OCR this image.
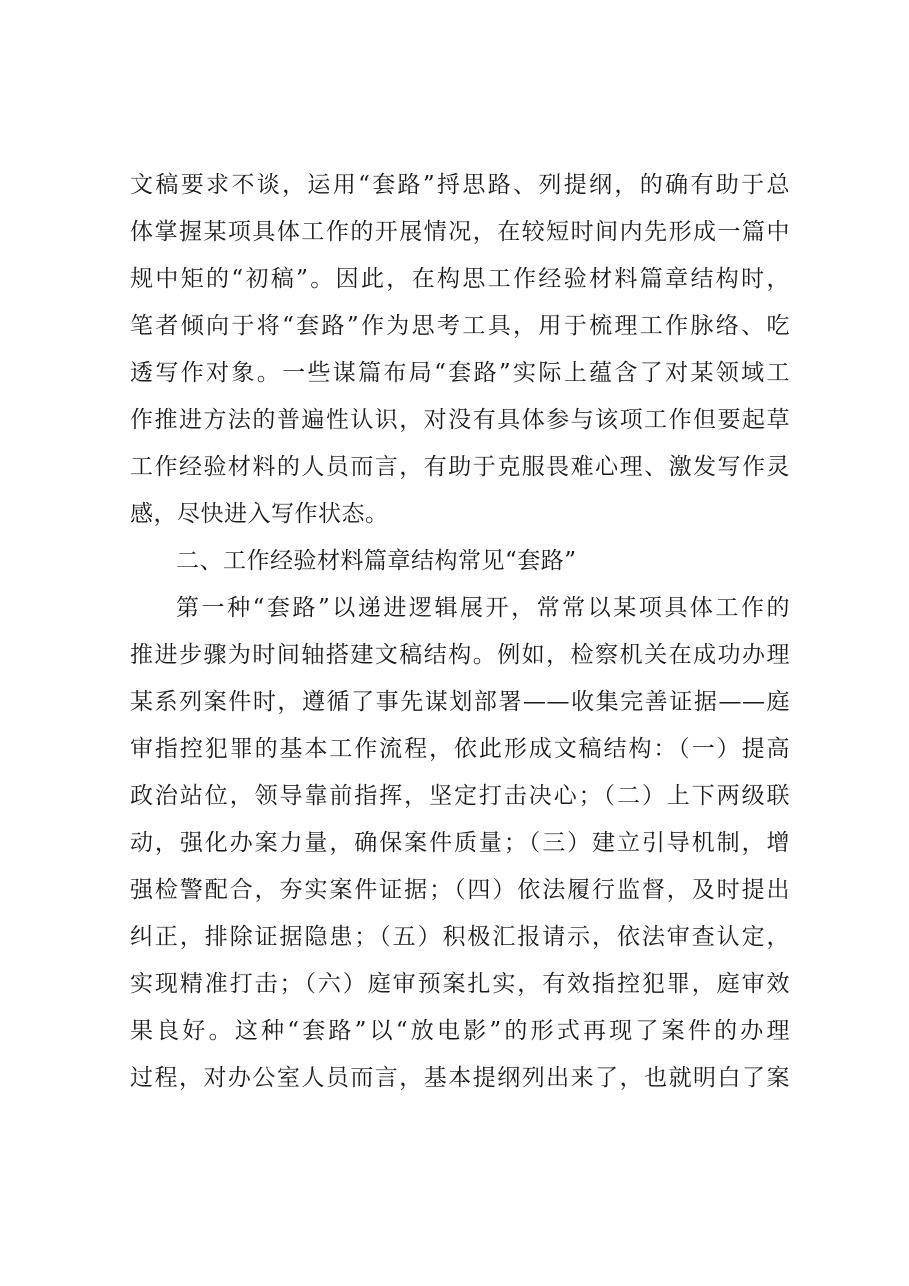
文稿要求不谈，运用“套路”捋思路、列提纲，的确有助于总
体掌握某项具体工作的开展情况，在较短时间内先形成一篇中
规中矩的“初稿”。因此，在构思工作经验材料篇章结构时，
笔者倾向于将“套路”作为思考工具，用于梳理工作脉络、吃
透写作对象。一些谋篇布局“套路”实际上蕴含了对某领域工
作推进方法的普遍性认识，对没有具体参与该项工作但要起草
工作经验材料的人员而言，有助于克服畏难心理、激发写作灵
感，尽快进入写作状态。
二、工作经验材料篇章结构常见“套路”
第一种“套路”以递进逻辑展开，常常以某项具体工作的
推进步骤为时间轴搭建文稿结构。例如，检察机关在成功办理
某系列案件时，遵循了事先谋划部署——收集完善证据——庭
审指控犯罪的基本工作流程，依此形成文稿结构：（一）提高
政治站位，领导靠前指挥，坚定打击决心；（二）上下两级联
动，强化办案力量，确保案件质量；（三）建立引导机制，增
强检警配合，夯实案件证据；（四）依法履行监督，及时提出
纠正，排除证据隐患；（五）积极汇报请示，依法审查认定，
实现精准打击；（六）庭审预案扎实，有效指控犯罪，庭审效
果良好。这种“套路”以“放电影”的形式再现了案件的办理
过程，对办公室人员而言，基本提纲列出来了，也就明白了案
